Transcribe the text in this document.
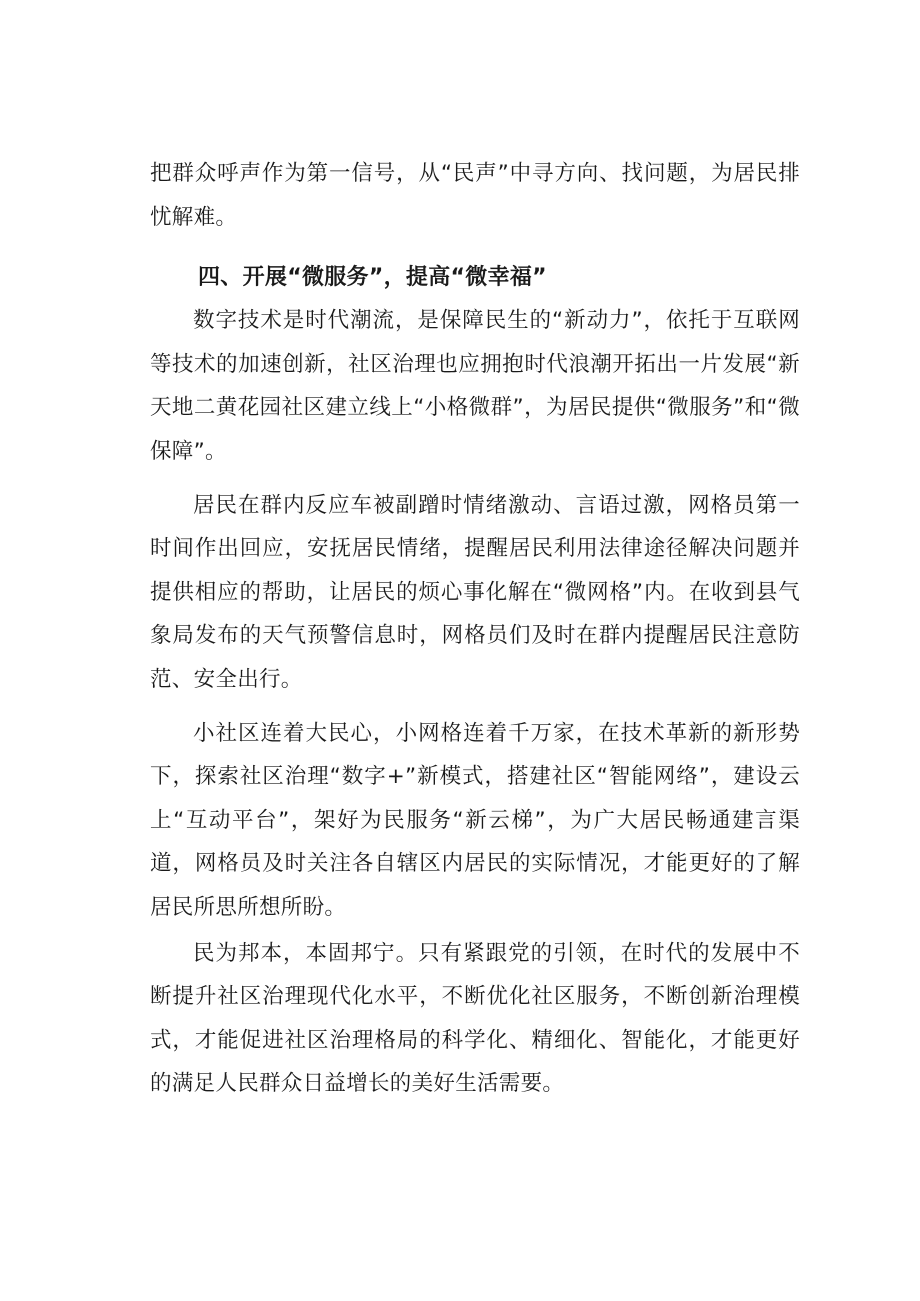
把群众呼声作为第一信号，从“民声”中寻方向、找问题，为居民排忧解难。

四、开展“微服务”，提高“微幸福”

数字技术是时代潮流，是保障民生的“新动力”，依托于互联网等技术的加速创新，社区治理也应拥抱时代浪潮开拓出一片发展“新天地二黄花园社区建立线上“小格微群”，为居民提供“微服务”和“微保障”。

居民在群内反应车被副蹭时情绪激动、言语过激，网格员第一时间作出回应，安抚居民情绪，提醒居民利用法律途径解决问题并提供相应的帮助，让居民的烦心事化解在“微网格”内。在收到县气象局发布的天气预警信息时，网格员们及时在群内提醒居民注意防范、安全出行。

小社区连着大民心，小网格连着千万家，在技术革新的新形势下，探索社区治理“数字+”新模式，搭建社区“智能网络”，建设云上“互动平台”，架好为民服务“新云梯”，为广大居民畅通建言渠道，网格员及时关注各自辖区内居民的实际情况，才能更好的了解居民所思所想所盼。

民为邦本，本固邦宁。只有紧跟党的引领，在时代的发展中不断提升社区治理现代化水平，不断优化社区服务，不断创新治理模式，才能促进社区治理格局的科学化、精细化、智能化，才能更好的满足人民群众日益增长的美好生活需要。
